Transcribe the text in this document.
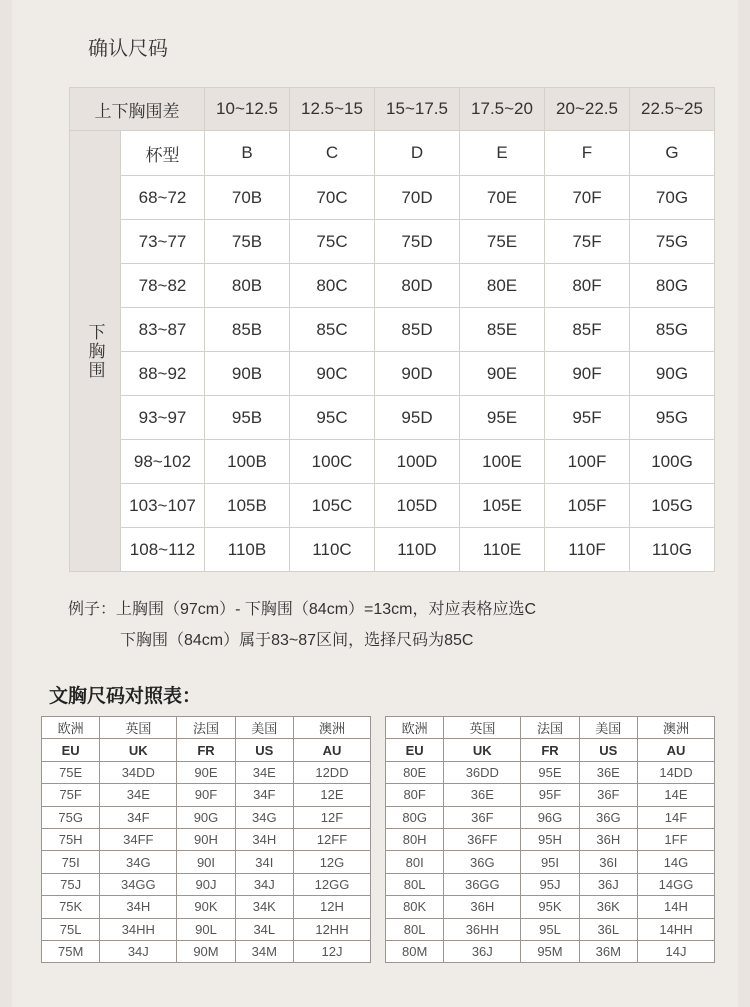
确认尺码
上下胸围差		10~12.5	12.5~15	15~17.5	17.5~20	20~22.5	22.5~25
下胸围	杯型	B	C	D	E	F	G
	68~72	70B	70C	70D	70E	70F	70G
	73~77	75B	75C	75D	75E	75F	75G
	78~82	80B	80C	80D	80E	80F	80G
	83~87	85B	85C	85D	85E	85F	85G
	88~92	90B	90C	90D	90E	90F	90G
	93~97	95B	95C	95D	95E	95F	95G
	98~102	100B	100C	100D	100E	100F	100G
	103~107	105B	105C	105D	105E	105F	105G
	108~112	110B	110C	110D	110E	110F	110G
例子：上胸围（97cm）- 下胸围（84cm）=13cm，对应表格应选C
下胸围（84cm）属于83~87区间，选择尺码为85C
文胸尺码对照表：
欧洲	英国	法国	美国	澳洲
EU	UK	FR	US	AU
75E	34DD	90E	34E	12DD
75F	34E	90F	34F	12E
75G	34F	90G	34G	12F
75H	34FF	90H	34H	12FF
75I	34G	90I	34I	12G
75J	34GG	90J	34J	12GG
75K	34H	90K	34K	12H
75L	34HH	90L	34L	12HH
75M	34J	90M	34M	12J
欧洲	英国	法国	美国	澳洲
EU	UK	FR	US	AU
80E	36DD	95E	36E	14DD
80F	36E	95F	36F	14E
80G	36F	96G	36G	14F
80H	36FF	95H	36H	1FF
80I	36G	95I	36I	14G
80L	36GG	95J	36J	14GG
80K	36H	95K	36K	14H
80L	36HH	95L	36L	14HH
80M	36J	95M	36M	14J
